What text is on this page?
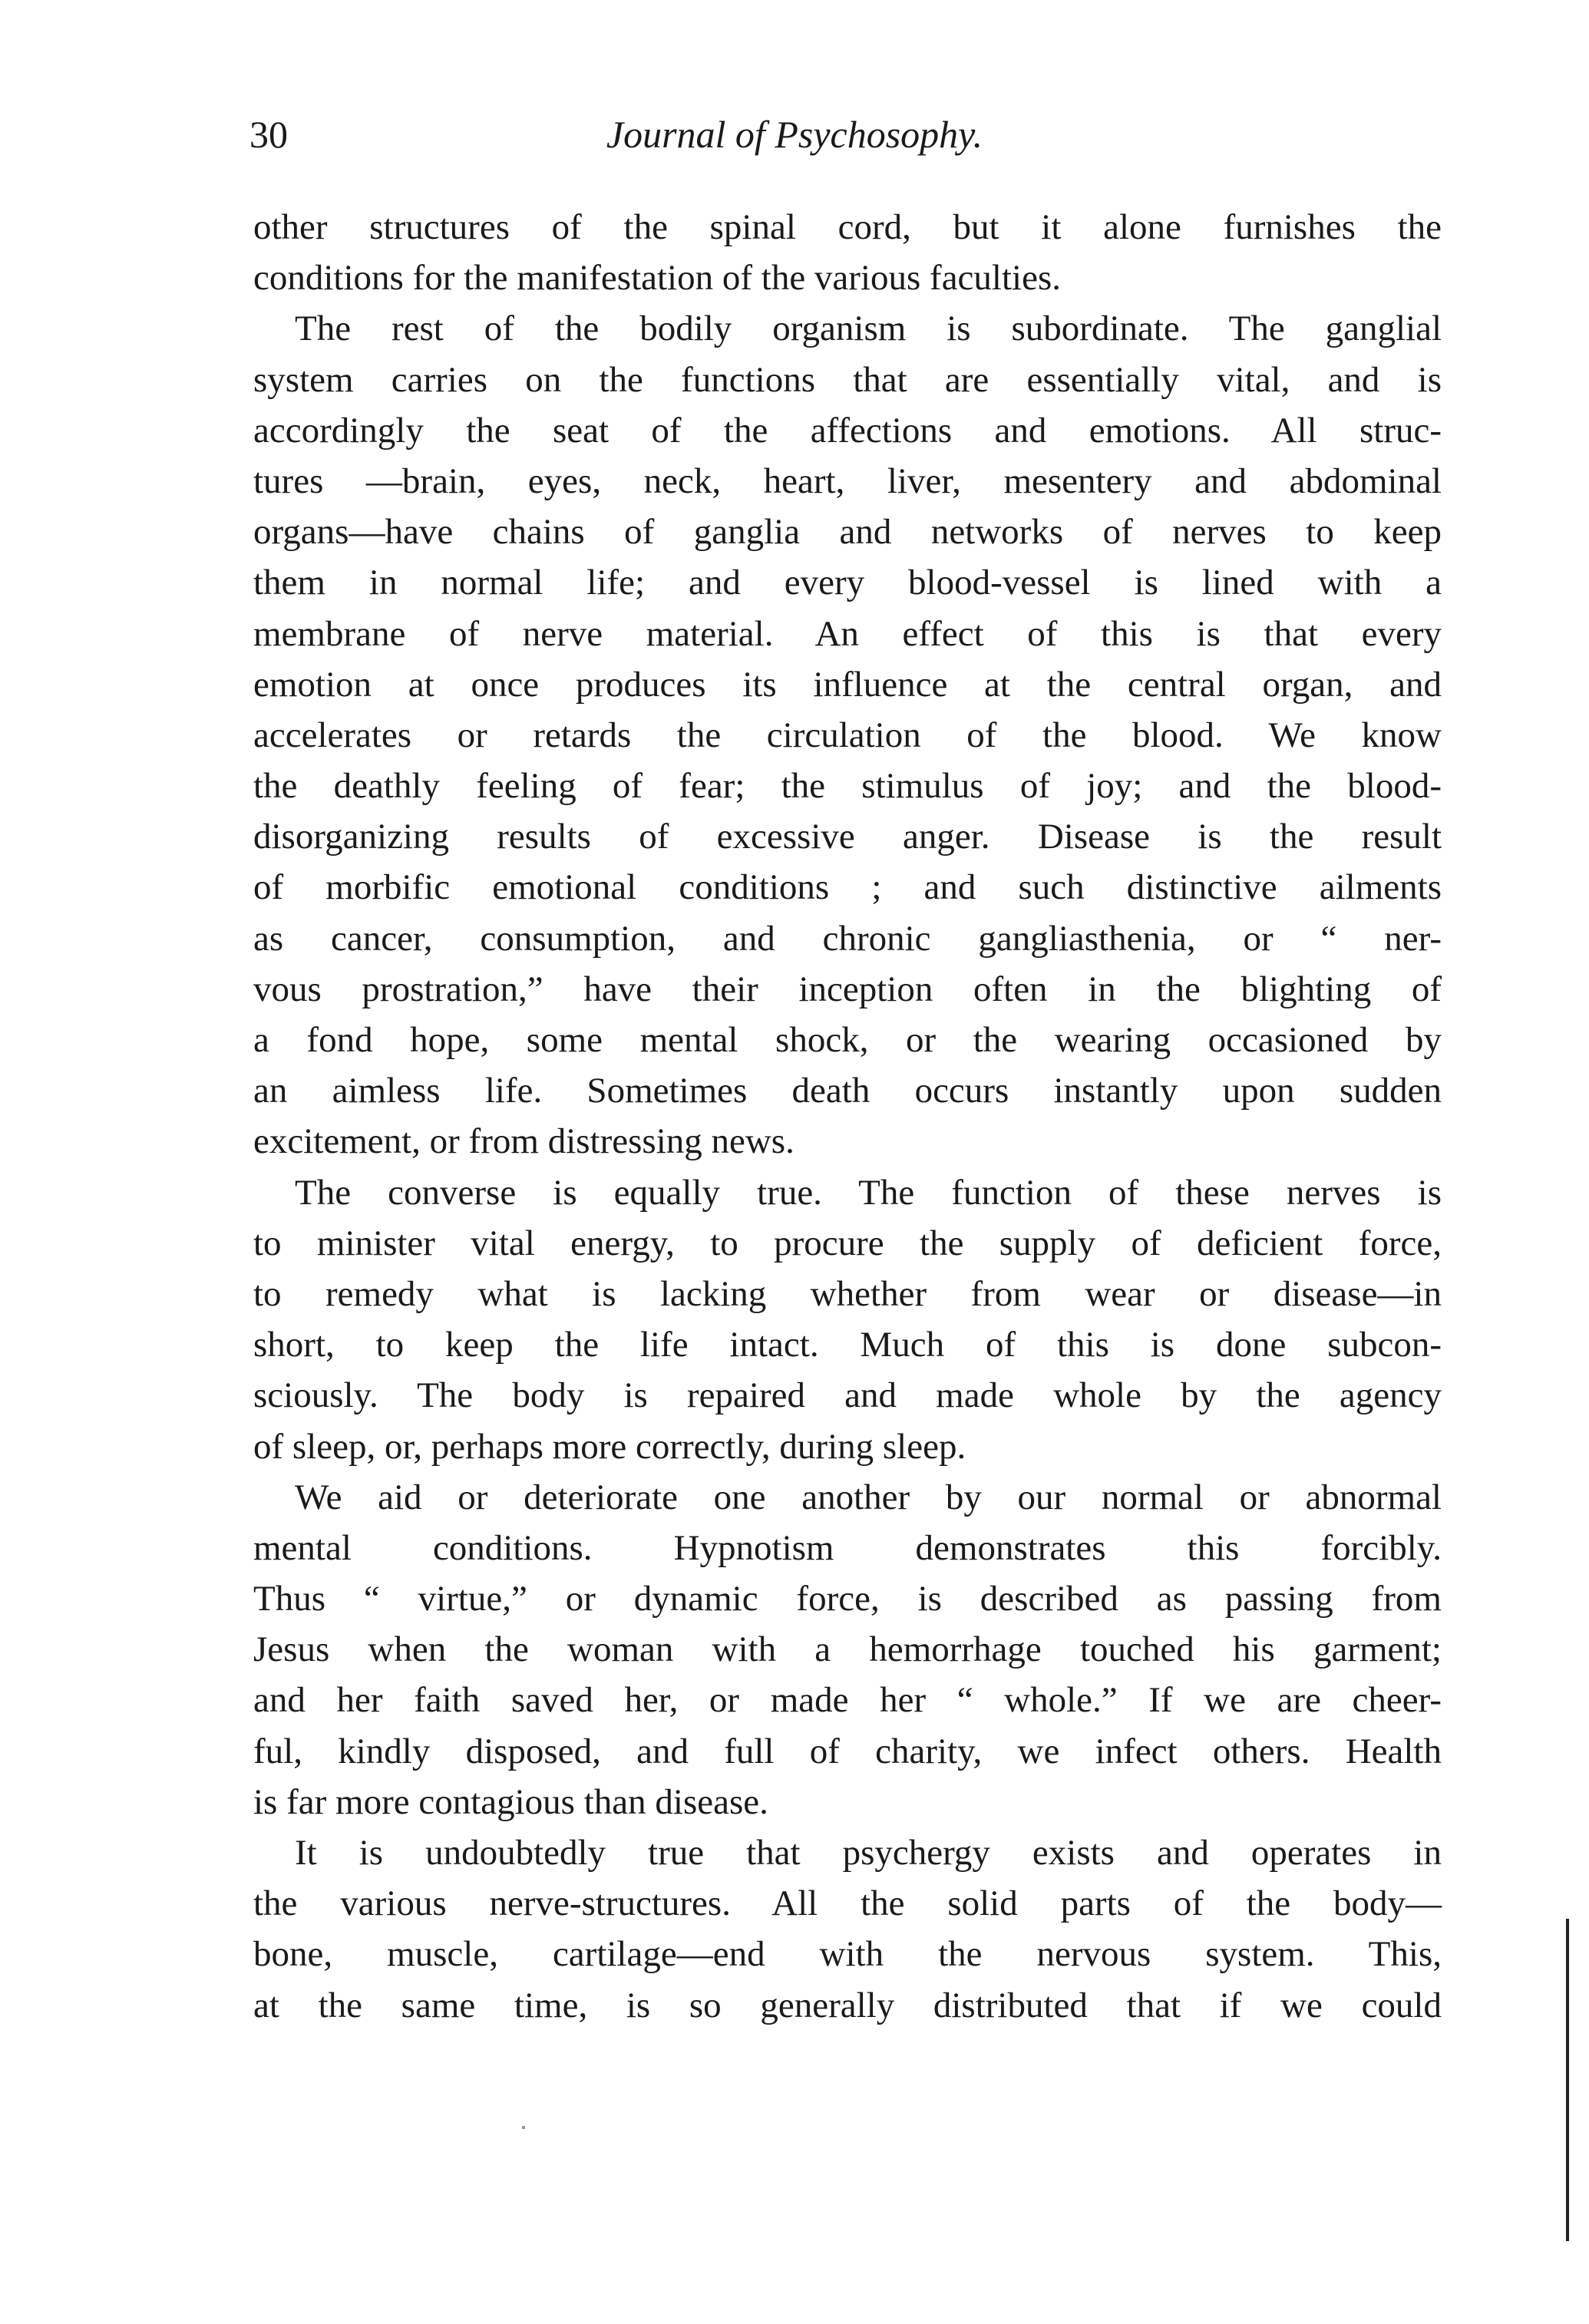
30	Journal of Psychosophy.
other structures of the spinal cord, but it alone furnishes the
conditions for the manifestation of the various faculties.
The rest of the bodily organism is subordinate. The ganglial
system carries on the functions that are essentially vital, and is
accordingly the seat of the affections and emotions. All struc-
tures —brain, eyes, neck, heart, liver, mesentery and abdominal
organs—have chains of ganglia and networks of nerves to keep
them in normal life; and every blood-vessel is lined with a
membrane of nerve material. An effect of this is that every
emotion at once produces its influence at the central organ, and
accelerates or retards the circulation of the blood. We know
the deathly feeling of fear; the stimulus of joy; and the blood-
disorganizing results of excessive anger. Disease is the result
of morbific emotional conditions ; and such distinctive ailments
as cancer, consumption, and chronic gangliasthenia, or “ ner-
vous prostration,” have their inception often in the blighting of
a fond hope, some mental shock, or the wearing occasioned by
an aimless life. Sometimes death occurs instantly upon sudden
excitement, or from distressing news.
The converse is equally true. The function of these nerves is
to minister vital energy, to procure the supply of deficient force,
to remedy what is lacking whether from wear or disease—in
short, to keep the life intact. Much of this is done subcon-
sciously. The body is repaired and made whole by the agency
of sleep, or, perhaps more correctly, during sleep.
We aid or deteriorate one another by our normal or abnormal
mental conditions. Hypnotism demonstrates this forcibly.
Thus “ virtue,” or dynamic force, is described as passing from
Jesus when the woman with a hemorrhage touched his garment;
and her faith saved her, or made her “ whole.” If we are cheer-
ful, kindly disposed, and full of charity, we infect others. Health
is far more contagious than disease.
It is undoubtedly true that psychergy exists and operates in
the various nerve-structures. All the solid parts of the body—
bone, muscle, cartilage—end with the nervous system. This,
at the same time, is so generally distributed that if we could
